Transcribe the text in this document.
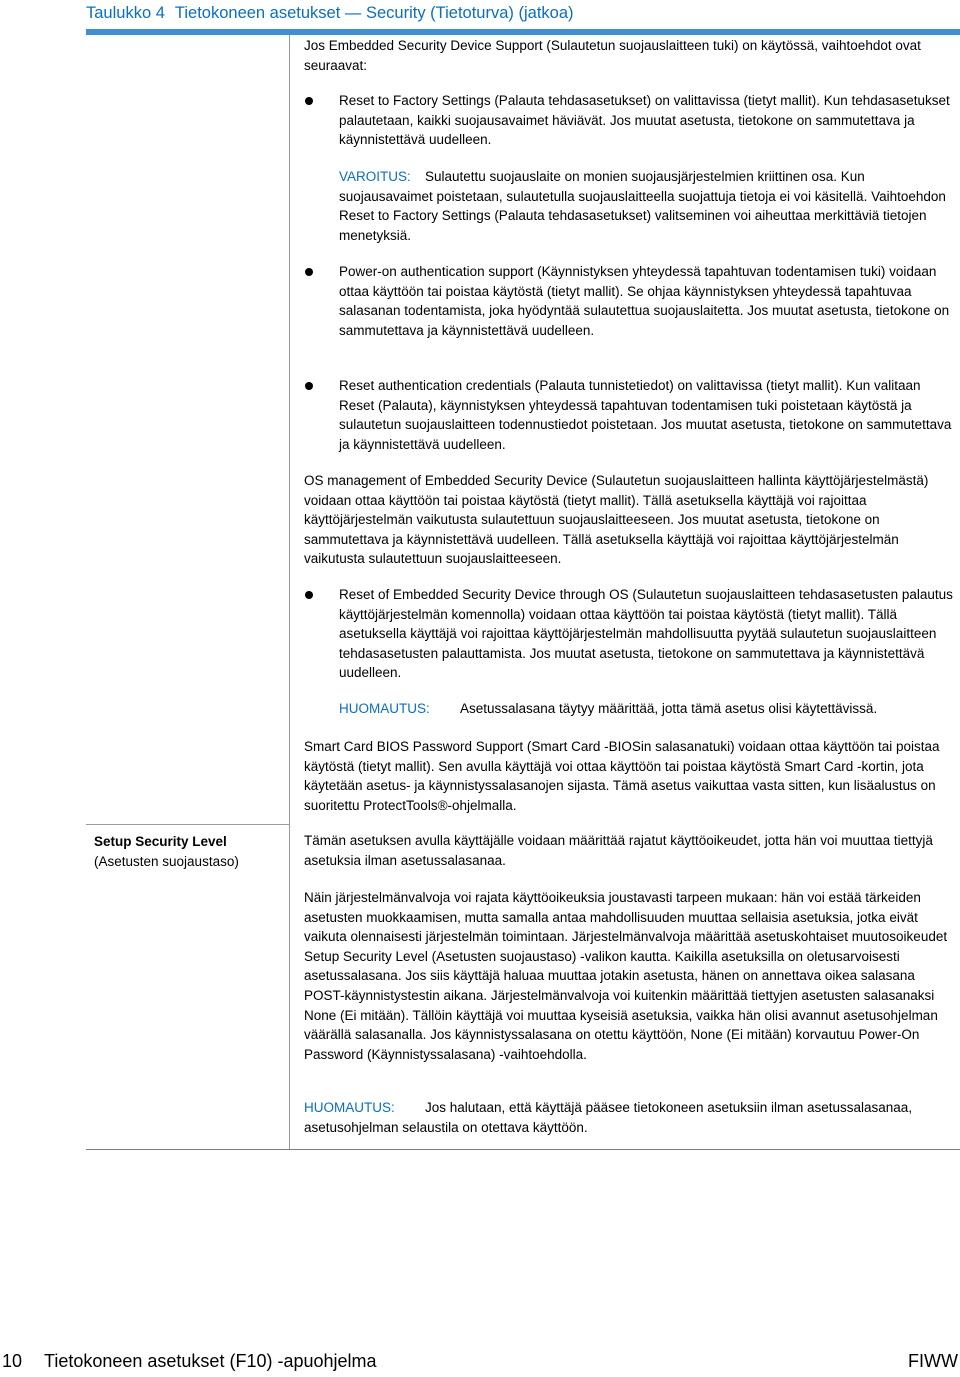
Taulukko 4 Tietokoneen asetukset — Security (Tietoturva) (jatkoa)
Jos Embedded Security Device Support (Sulautetun suojauslaitteen tuki) on käytössä, vaihtoehdot ovat seuraavat:
Reset to Factory Settings (Palauta tehdasasetukset) on valittavissa (tietyt mallit). Kun tehdasasetukset palautetaan, kaikki suojausavaimet häviävät. Jos muutat asetusta, tietokone on sammutettava ja käynnistettävä uudelleen.
VAROITUS: Sulautettu suojauslaite on monien suojausjärjestelmien kriittinen osa. Kun suojausavaimet poistetaan, sulautetulla suojauslaitteella suojattuja tietoja ei voi käsitellä. Vaihtoehdon Reset to Factory Settings (Palauta tehdasasetukset) valitseminen voi aiheuttaa merkittäviä tietojen menetyksiä.
Power-on authentication support (Käynnistyksen yhteydessä tapahtuvan todentamisen tuki) voidaan ottaa käyttöön tai poistaa käytöstä (tietyt mallit). Se ohjaa käynnistyksen yhteydessä tapahtuvaa salasanan todentamista, joka hyödyntää sulautettua suojauslaitetta. Jos muutat asetusta, tietokone on sammutettava ja käynnistettävä uudelleen.
Reset authentication credentials (Palauta tunnistetiedot) on valittavissa (tietyt mallit). Kun valitaan Reset (Palauta), käynnistyksen yhteydessä tapahtuvan todentamisen tuki poistetaan käytöstä ja sulautetun suojauslaitteen todennustiedot poistetaan. Jos muutat asetusta, tietokone on sammutettava ja käynnistettävä uudelleen.
OS management of Embedded Security Device (Sulautetun suojauslaitteen hallinta käyttöjärjestelmästä) voidaan ottaa käyttöön tai poistaa käytöstä (tietyt mallit). Tällä asetuksella käyttäjä voi rajoittaa käyttöjärjestelmän vaikutusta sulautettuun suojauslaitteeseen. Jos muutat asetusta, tietokone on sammutettava ja käynnistettävä uudelleen. Tällä asetuksella käyttäjä voi rajoittaa käyttöjärjestelmän vaikutusta sulautettuun suojauslaitteeseen.
Reset of Embedded Security Device through OS (Sulautetun suojauslaitteen tehdasasetusten palautus käyttöjärjestelmän komennolla) voidaan ottaa käyttöön tai poistaa käytöstä (tietyt mallit). Tällä asetuksella käyttäjä voi rajoittaa käyttöjärjestelmän mahdollisuutta pyytää sulautetun suojauslaitteen tehdasasetusten palauttamista. Jos muutat asetusta, tietokone on sammutettava ja käynnistettävä uudelleen.
HUOMAUTUS: Asetussalasana täytyy määrittää, jotta tämä asetus olisi käytettävissä.
Smart Card BIOS Password Support (Smart Card -BIOSin salasanatuki) voidaan ottaa käyttöön tai poistaa käytöstä (tietyt mallit). Sen avulla käyttäjä voi ottaa käyttöön tai poistaa käytöstä Smart Card -kortin, jota käytetään asetus- ja käynnistyssalasanojen sijasta. Tämä asetus vaikuttaa vasta sitten, kun lisäalustus on suoritettu ProtectTools®-ohjelmalla.
Setup Security Level
(Asetusten suojaustaso)
Tämän asetuksen avulla käyttäjälle voidaan määrittää rajatut käyttöoikeudet, jotta hän voi muuttaa tiettyjä asetuksia ilman asetussalasanaa.
Näin järjestelmänvalvoja voi rajata käyttöoikeuksia joustavasti tarpeen mukaan: hän voi estää tärkeiden asetusten muokkaamisen, mutta samalla antaa mahdollisuuden muuttaa sellaisia asetuksia, jotka eivät vaikuta olennaisesti järjestelmän toimintaan. Järjestelmänvalvoja määrittää asetuskohtaiset muutosoikeudet Setup Security Level (Asetusten suojaustaso) -valikon kautta. Kaikilla asetuksilla on oletusarvoisesti asetussalasana. Jos siis käyttäjä haluaa muuttaa jotakin asetusta, hänen on annettava oikea salasana POST-käynnistystestin aikana. Järjestelmänvalvoja voi kuitenkin määrittää tiettyjen asetusten salasanaksi None (Ei mitään). Tällöin käyttäjä voi muuttaa kyseisiä asetuksia, vaikka hän olisi avannut asetusohjelman väärällä salasanalla. Jos käynnistyssalasana on otettu käyttöön, None (Ei mitään) korvautuu Power-On Password (Käynnistyssalasana) -vaihtoehdolla.
HUOMAUTUS: Jos halutaan, että käyttäjä pääsee tietokoneen asetuksiin ilman asetussalasanaa, asetusohjelman selaustila on otettava käyttöön.
10 Tietokoneen asetukset (F10) -apuohjelma	FIWW
